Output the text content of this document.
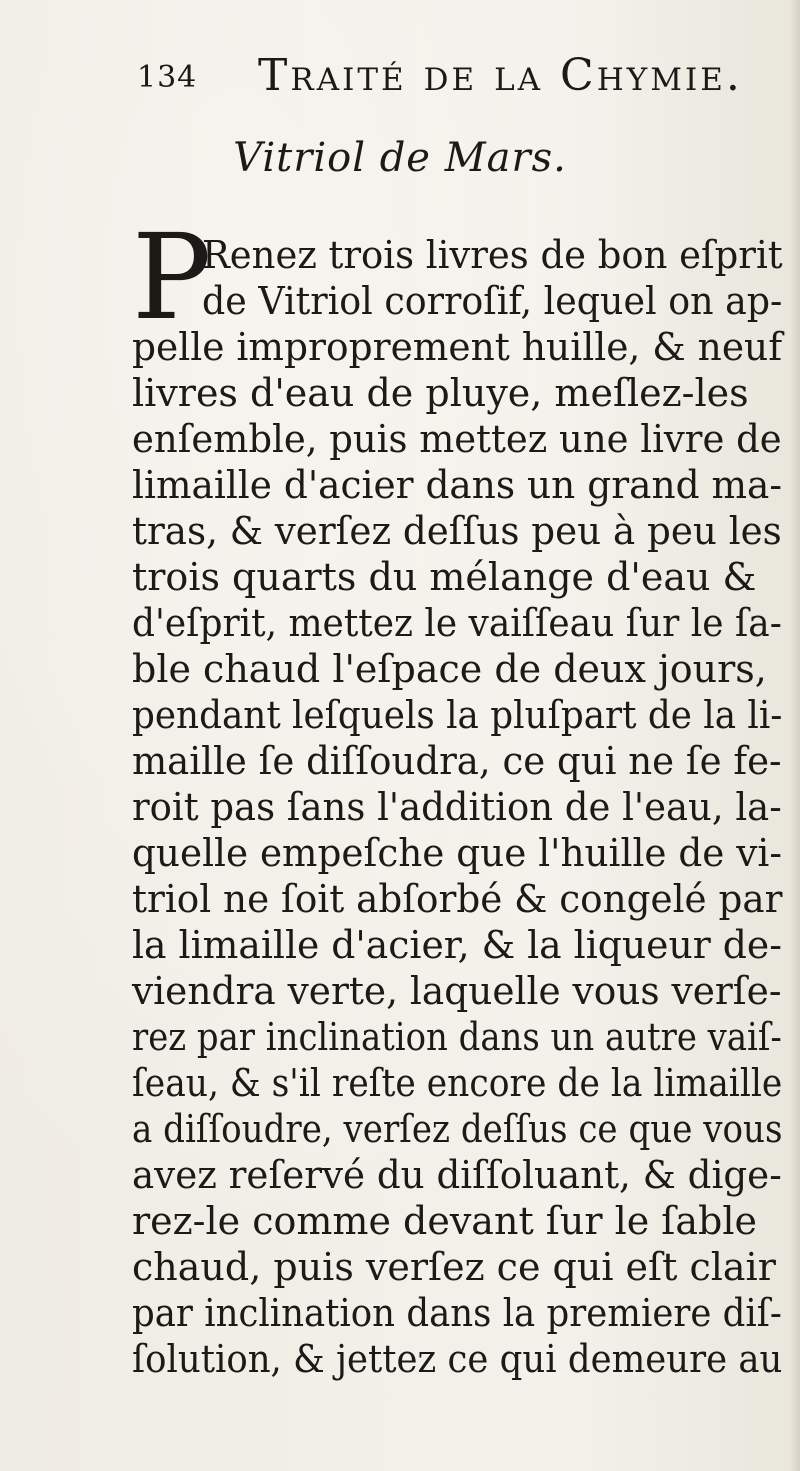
134 Traité de la Chymie.
Vitriol de Mars.
P
Renez trois livres de bon eſprit
de Vitriol corroſif, lequel on ap-
pelle improprement huille, & neuf
livres d'eau de pluye, meſlez-les
enſemble, puis mettez une livre de
limaille d'acier dans un grand ma-
tras, & verſez deſſus peu à peu les
trois quarts du mélange d'eau &
d'eſprit, mettez le vaiſſeau ſur le ſa-
ble chaud l'eſpace de deux jours,
pendant leſquels la pluſpart de la li-
maille ſe diſſoudra, ce qui ne ſe fe-
roit pas ſans l'addition de l'eau, la-
quelle empeſche que l'huille de vi-
triol ne ſoit abſorbé & congelé par
la limaille d'acier, & la liqueur de-
viendra verte, laquelle vous verſe-
rez par inclination dans un autre vaiſ-
ſeau, & s'il reſte encore de la limaille
a diſſoudre, verſez deſſus ce que vous
avez reſervé du diſſoluant, & dige-
rez-le comme devant ſur le ſable
chaud, puis verſez ce qui eſt clair
par inclination dans la premiere diſ-
ſolution, & jettez ce qui demeure au
